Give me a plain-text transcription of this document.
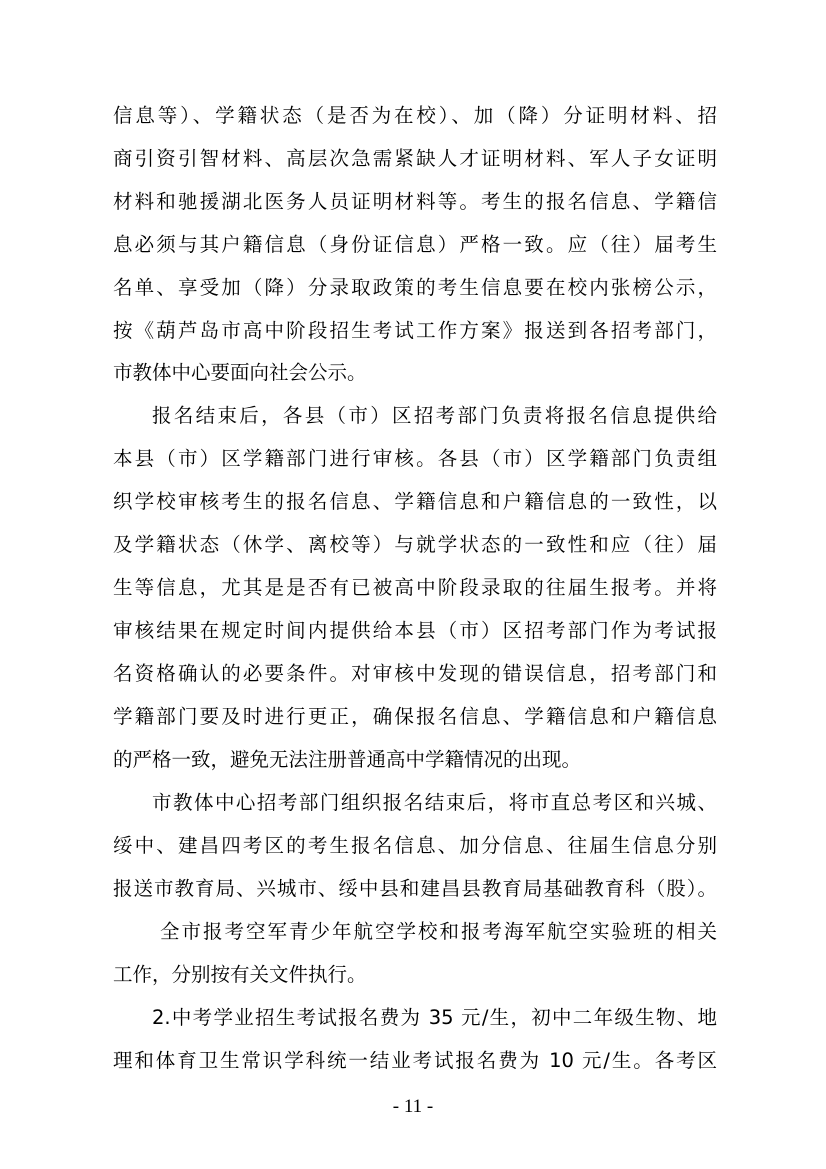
信息等）、学籍状态（是否为在校）、加（降）分证明材料、招
商引资引智材料、高层次急需紧缺人才证明材料、军人子女证明
材料和驰援湖北医务人员证明材料等。考生的报名信息、学籍信
息必须与其户籍信息（身份证信息）严格一致。应（往）届考生
名单、享受加（降）分录取政策的考生信息要在校内张榜公示，
按《葫芦岛市高中阶段招生考试工作方案》报送到各招考部门，
市教体中心要面向社会公示。
报名结束后，各县（市）区招考部门负责将报名信息提供给
本县（市）区学籍部门进行审核。各县（市）区学籍部门负责组
织学校审核考生的报名信息、学籍信息和户籍信息的一致性，以
及学籍状态（休学、离校等）与就学状态的一致性和应（往）届
生等信息，尤其是是否有已被高中阶段录取的往届生报考。并将
审核结果在规定时间内提供给本县（市）区招考部门作为考试报
名资格确认的必要条件。对审核中发现的错误信息，招考部门和
学籍部门要及时进行更正，确保报名信息、学籍信息和户籍信息
的严格一致，避免无法注册普通高中学籍情况的出现。
市教体中心招考部门组织报名结束后，将市直总考区和兴城、
绥中、建昌四考区的考生报名信息、加分信息、往届生信息分别
报送市教育局、兴城市、绥中县和建昌县教育局基础教育科（股）。
全市报考空军青少年航空学校和报考海军航空实验班的相关
工作，分别按有关文件执行。
2.中考学业招生考试报名费为 35 元/生，初中二年级生物、地
理和体育卫生常识学科统一结业考试报名费为 10 元/生。各考区
- 11 -
